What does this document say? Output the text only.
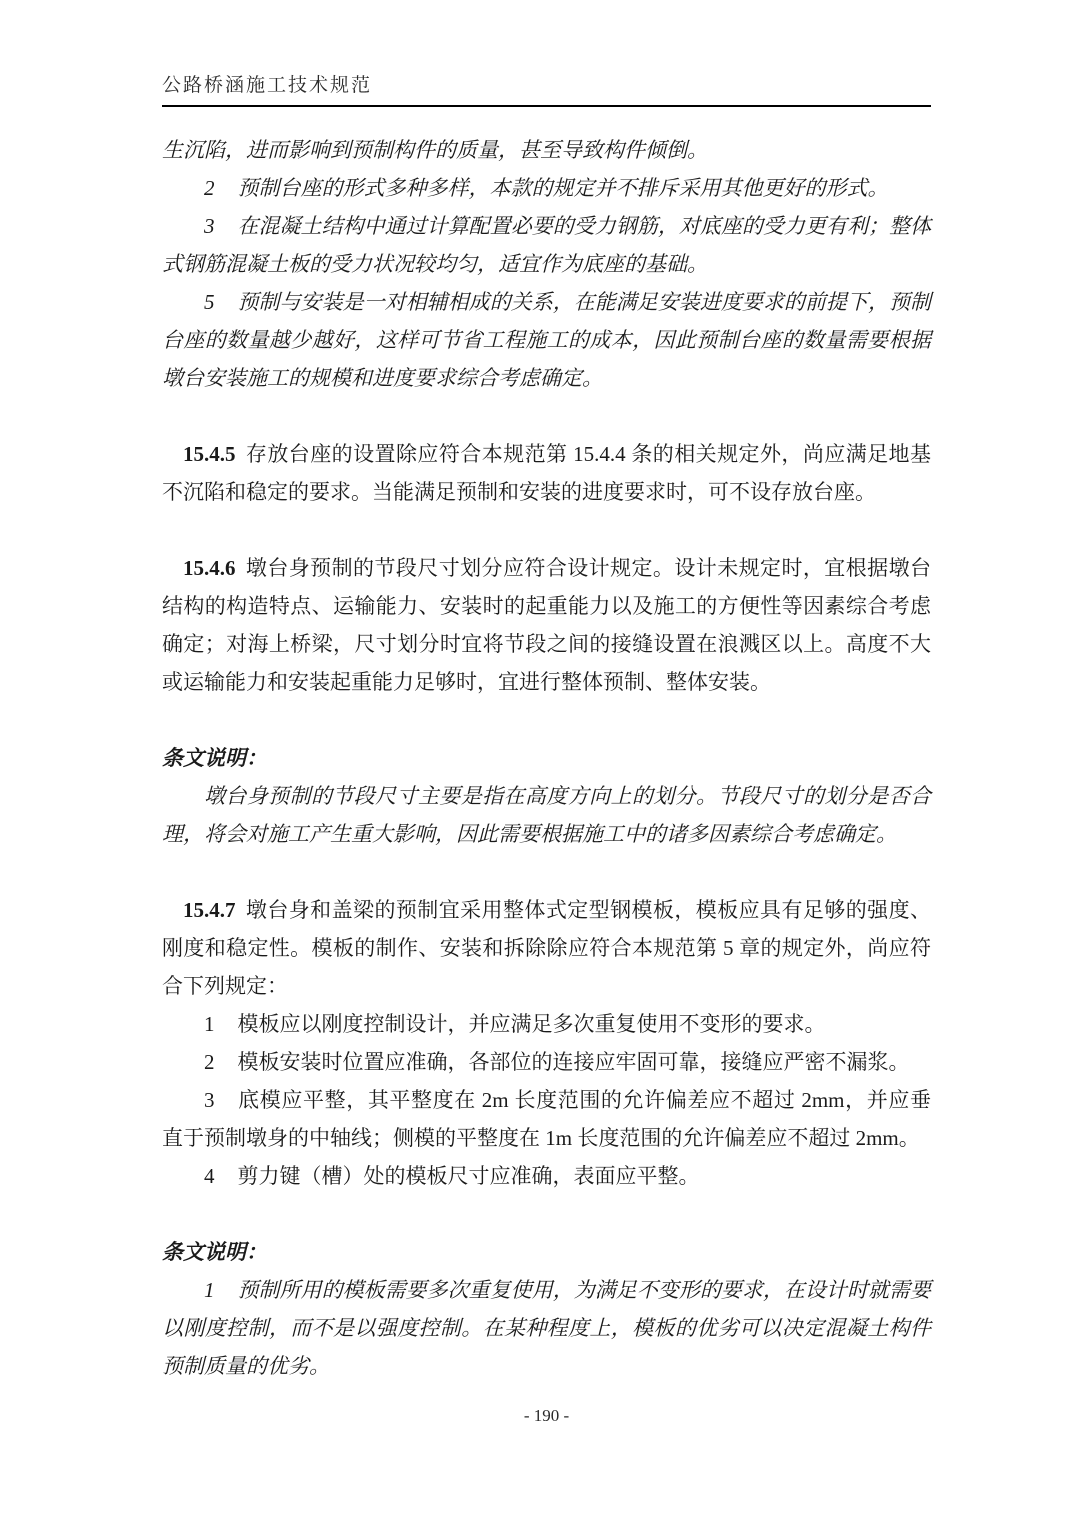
公路桥涵施工技术规范

生沉陷，进而影响到预制构件的质量，甚至导致构件倾倒。

2 预制台座的形式多种多样，本款的规定并不排斥采用其他更好的形式。

3 在混凝土结构中通过计算配置必要的受力钢筋，对底座的受力更有利；整体式钢筋混凝土板的受力状况较均匀，适宜作为底座的基础。

5 预制与安装是一对相辅相成的关系，在能满足安装进度要求的前提下，预制台座的数量越少越好，这样可节省工程施工的成本，因此预制台座的数量需要根据墩台安装施工的规模和进度要求综合考虑确定。

15.4.5 存放台座的设置除应符合本规范第 15.4.4 条的相关规定外，尚应满足地基不沉陷和稳定的要求。当能满足预制和安装的进度要求时，可不设存放台座。

15.4.6 墩台身预制的节段尺寸划分应符合设计规定。设计未规定时，宜根据墩台结构的构造特点、运输能力、安装时的起重能力以及施工的方便性等因素综合考虑确定；对海上桥梁，尺寸划分时宜将节段之间的接缝设置在浪溅区以上。高度不大或运输能力和安装起重能力足够时，宜进行整体预制、整体安装。

条文说明：

墩台身预制的节段尺寸主要是指在高度方向上的划分。节段尺寸的划分是否合理，将会对施工产生重大影响，因此需要根据施工中的诸多因素综合考虑确定。

15.4.7 墩台身和盖梁的预制宜采用整体式定型钢模板，模板应具有足够的强度、刚度和稳定性。模板的制作、安装和拆除除应符合本规范第 5 章的规定外，尚应符合下列规定：

1 模板应以刚度控制设计，并应满足多次重复使用不变形的要求。

2 模板安装时位置应准确，各部位的连接应牢固可靠，接缝应严密不漏浆。

3 底模应平整，其平整度在 2m 长度范围的允许偏差应不超过 2mm，并应垂直于预制墩身的中轴线；侧模的平整度在 1m 长度范围的允许偏差应不超过 2mm。

4 剪力键（槽）处的模板尺寸应准确，表面应平整。

条文说明：

1 预制所用的模板需要多次重复使用，为满足不变形的要求，在设计时就需要以刚度控制，而不是以强度控制。在某种程度上，模板的优劣可以决定混凝土构件预制质量的优劣。

- 190 -
